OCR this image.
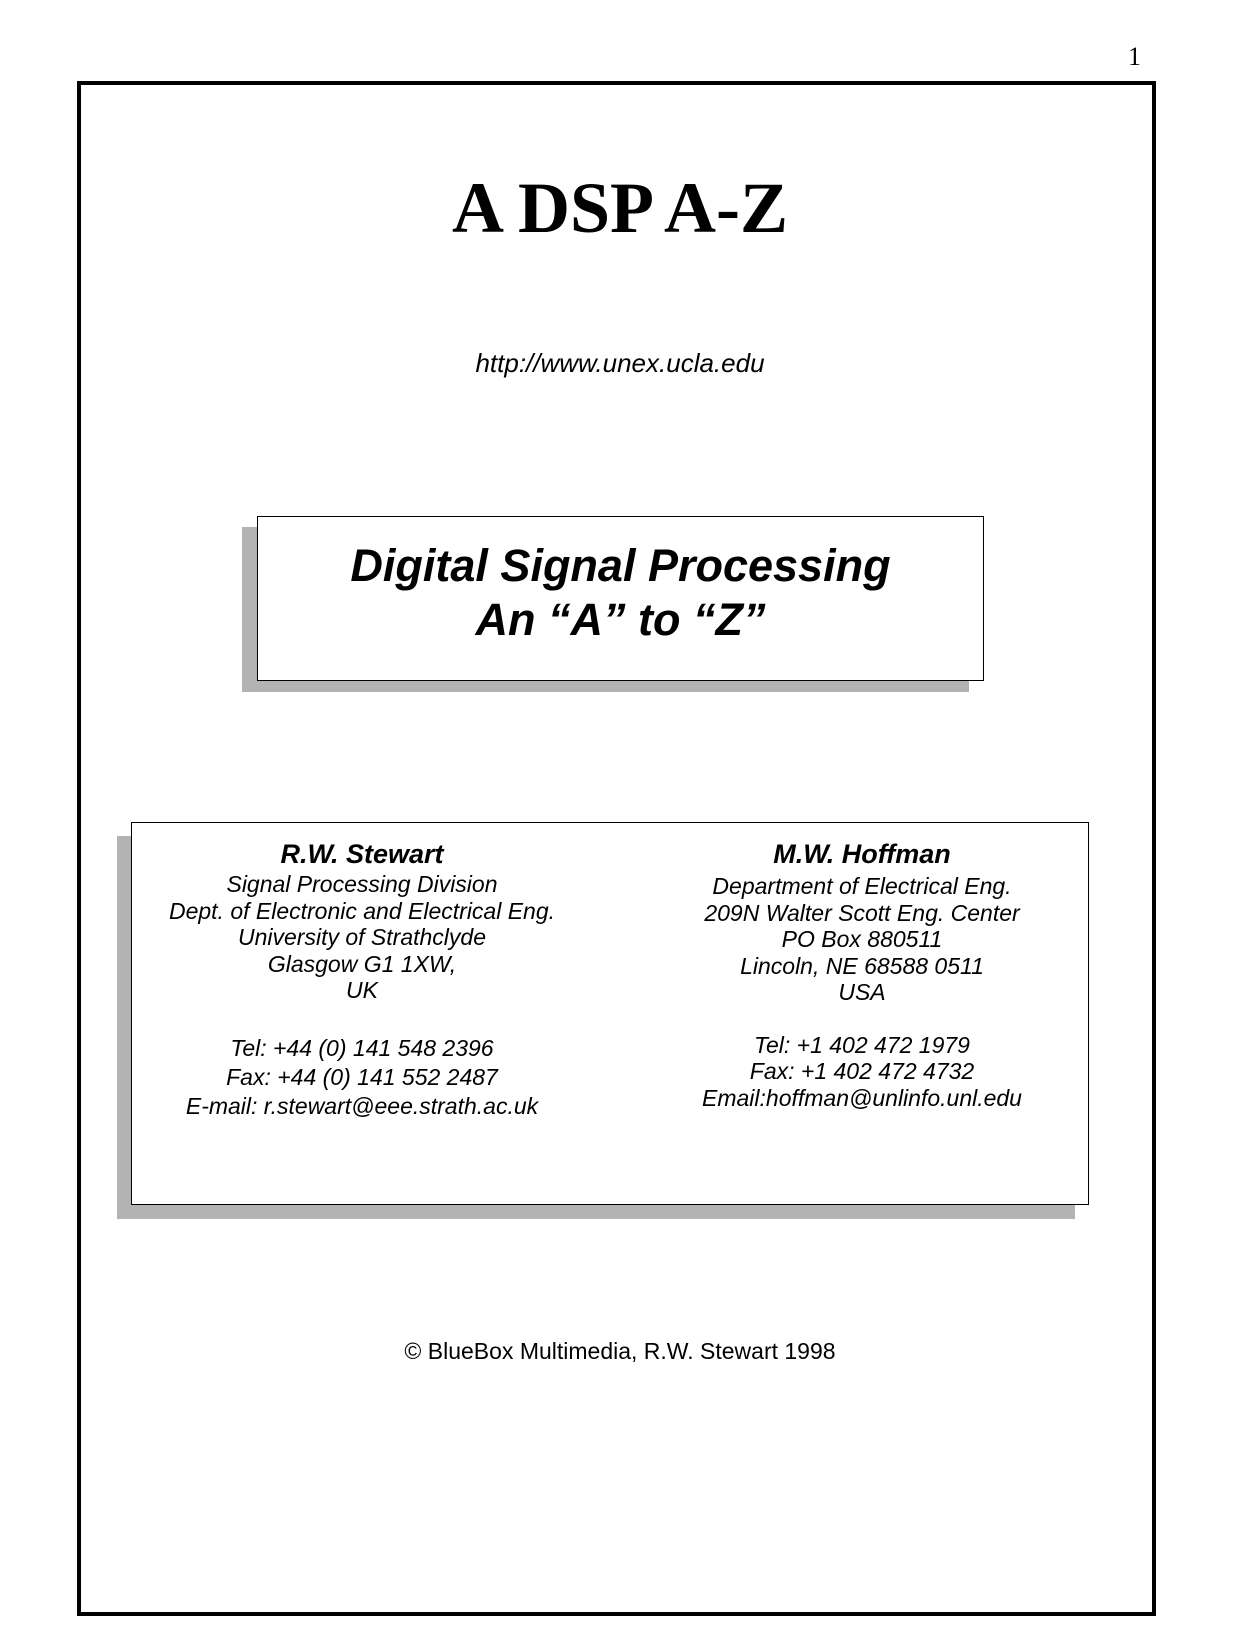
1
A DSP A-Z
http://www.unex.ucla.edu
Digital Signal Processing
An “A” to “Z”
R.W. Stewart
Signal Processing Division
Dept. of Electronic and Electrical Eng.
University of Strathclyde
Glasgow G1 1XW,
UK
Tel: +44 (0) 141 548 2396
Fax: +44 (0) 141 552 2487
E-mail: r.stewart@eee.strath.ac.uk
M.W. Hoffman
Department of Electrical Eng.
209N Walter Scott Eng. Center
PO Box 880511
Lincoln, NE 68588 0511
USA
Tel: +1 402 472 1979
Fax: +1 402 472 4732
Email:hoffman@unlinfo.unl.edu
© BlueBox Multimedia, R.W. Stewart 1998
